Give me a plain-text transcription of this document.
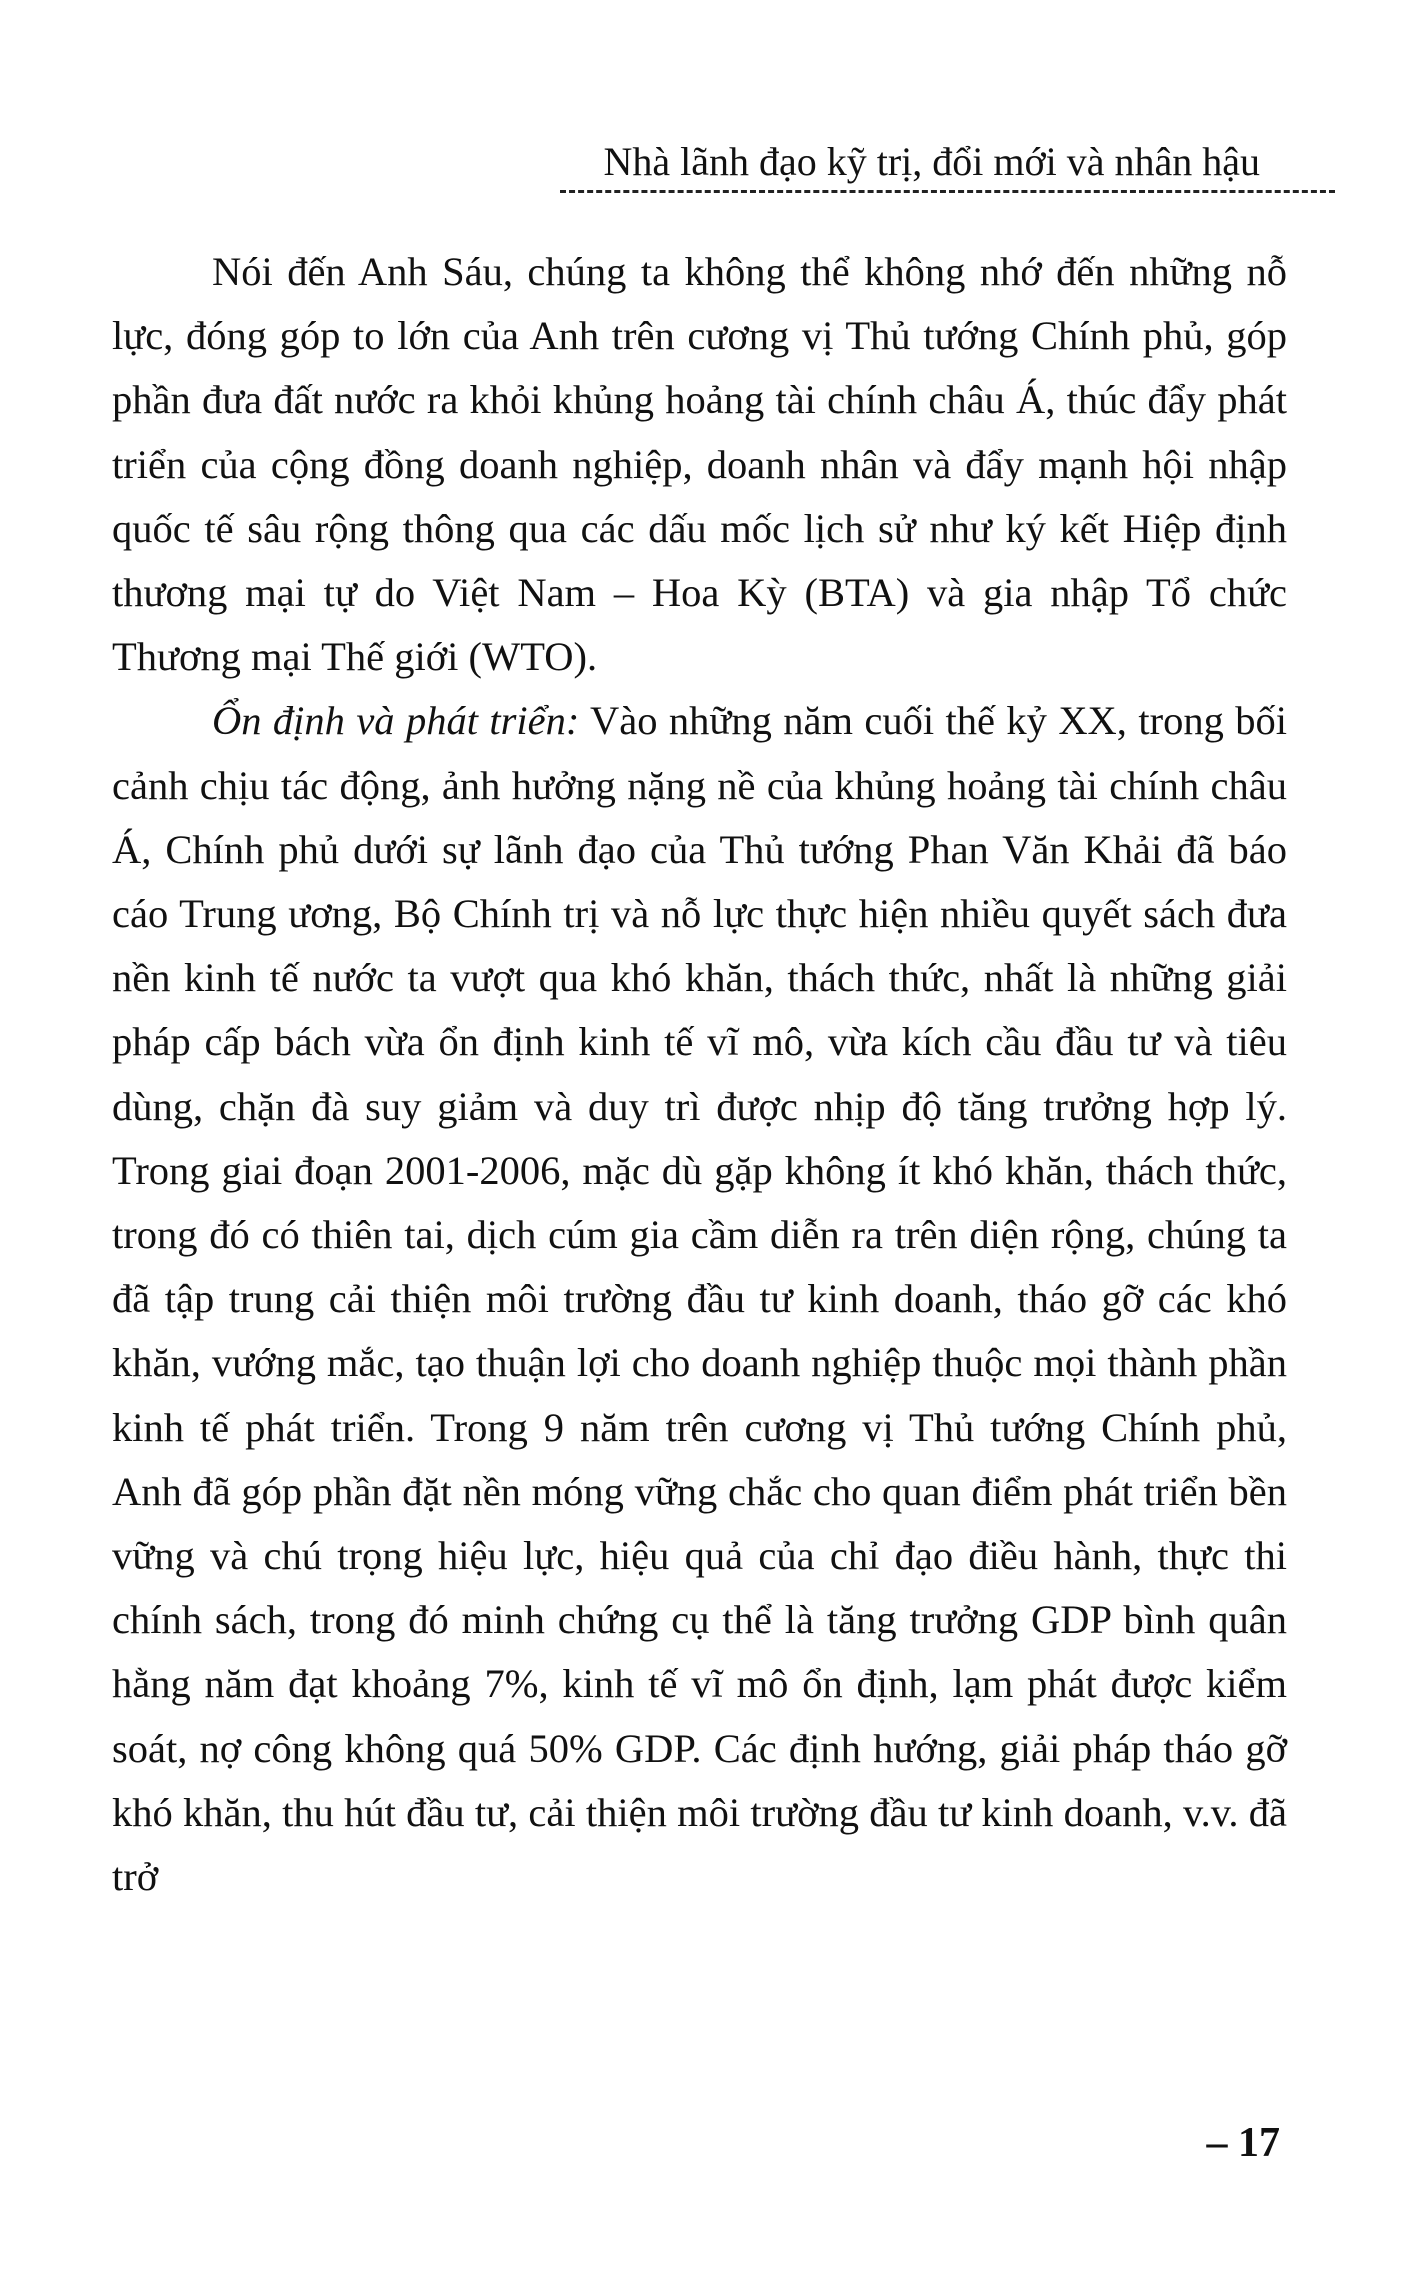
Nhà lãnh đạo kỹ trị, đổi mới và nhân hậu

Nói đến Anh Sáu, chúng ta không thể không nhớ đến những nỗ lực, đóng góp to lớn của Anh trên cương vị Thủ tướng Chính phủ, góp phần đưa đất nước ra khỏi khủng hoảng tài chính châu Á, thúc đẩy phát triển của cộng đồng doanh nghiệp, doanh nhân và đẩy mạnh hội nhập quốc tế sâu rộng thông qua các dấu mốc lịch sử như ký kết Hiệp định thương mại tự do Việt Nam – Hoa Kỳ (BTA) và gia nhập Tổ chức Thương mại Thế giới (WTO).

Ổn định và phát triển: Vào những năm cuối thế kỷ XX, trong bối cảnh chịu tác động, ảnh hưởng nặng nề của khủng hoảng tài chính châu Á, Chính phủ dưới sự lãnh đạo của Thủ tướng Phan Văn Khải đã báo cáo Trung ương, Bộ Chính trị và nỗ lực thực hiện nhiều quyết sách đưa nền kinh tế nước ta vượt qua khó khăn, thách thức, nhất là những giải pháp cấp bách vừa ổn định kinh tế vĩ mô, vừa kích cầu đầu tư và tiêu dùng, chặn đà suy giảm và duy trì được nhịp độ tăng trưởng hợp lý. Trong giai đoạn 2001-2006, mặc dù gặp không ít khó khăn, thách thức, trong đó có thiên tai, dịch cúm gia cầm diễn ra trên diện rộng, chúng ta đã tập trung cải thiện môi trường đầu tư kinh doanh, tháo gỡ các khó khăn, vướng mắc, tạo thuận lợi cho doanh nghiệp thuộc mọi thành phần kinh tế phát triển. Trong 9 năm trên cương vị Thủ tướng Chính phủ, Anh đã góp phần đặt nền móng vững chắc cho quan điểm phát triển bền vững và chú trọng hiệu lực, hiệu quả của chỉ đạo điều hành, thực thi chính sách, trong đó minh chứng cụ thể là tăng trưởng GDP bình quân hằng năm đạt khoảng 7%, kinh tế vĩ mô ổn định, lạm phát được kiểm soát, nợ công không quá 50% GDP. Các định hướng, giải pháp tháo gỡ khó khăn, thu hút đầu tư, cải thiện môi trường đầu tư kinh doanh, v.v. đã trở

– 17
